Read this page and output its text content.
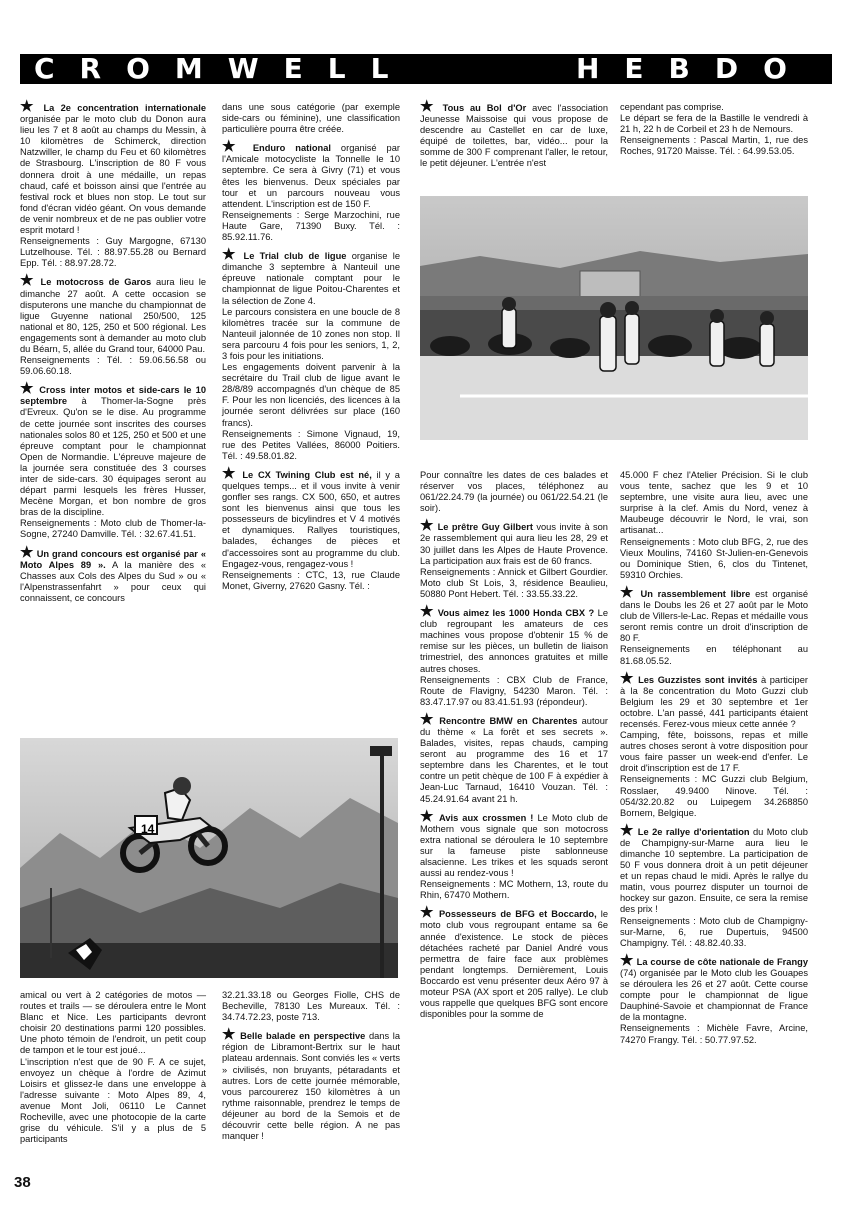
CROMWELL	HEBDO

★ La 2e concentration internationale organisée par le moto club du Donon aura lieu les 7 et 8 août au champs du Messin, à 10 kilomètres de Schimerck, direction Natzwiller, le champ du Feu et 60 kilomètres de Strasbourg. L'inscription de 80 F vous donnera droit à une médaille, un repas chaud, café et boisson ainsi que l'entrée au festival rock et blues non stop. Le tout sur fond d'écran vidéo géant. On vous demande de venir nombreux et de ne pas oublier votre esprit motard !
Renseignements : Guy Margogne, 67130 Lutzelhouse. Tél. : 88.97.55.28 ou Bernard Epp. Tél. : 88.97.28.72.

★ Le motocross de Garos aura lieu le dimanche 27 août. A cette occasion se disputerons une manche du championnat de ligue Guyenne national 250/500, 125 national et 80, 125, 250 et 500 régional. Les engagements sont à demander au moto club du Béarn, 5, allée du Grand tour, 64000 Pau.
Renseignements : Tél. : 59.06.56.58 ou 59.06.60.18.

★ Cross inter motos et side-cars le 10 septembre à Thomer-la-Sogne près d'Evreux. Qu'on se le dise. Au programme de cette journée sont inscrites des courses nationales solos 80 et 125, 250 et 500 et une épreuve comptant pour le championnat Open de Normandie. L'épreuve majeure de la journée sera constituée des 3 courses inter de side-cars. 30 équipages seront au départ parmi lesquels les frères Husser, Mecène Morgan, et bon nombre de gros bras de la discipline.
Renseignements : Moto club de Thomer-la-Sogne, 27240 Damville. Tél. : 32.67.41.51.

★ Un grand concours est organisé par « Moto Alpes 89 ». A la manière des « Chasses aux Cols des Alpes du Sud » ou « l'Alpenstrassenfahrt » pour ceux qui connaissent, ce concours

dans une sous catégorie (par exemple side-cars ou féminine), une classification particulière pourra être créée.

★ Enduro national organisé par l'Amicale motocycliste la Tonnelle le 10 septembre. Ce sera à Givry (71) et vous êtes les bienvenus. Deux spéciales par tour et un parcours nouveau vous attendent. L'inscription est de 150 F.
Renseignements : Serge Marzochini, rue Haute Gare, 71390 Buxy. Tél. : 85.92.11.76.

★ Le Trial club de ligue organise le dimanche 3 septembre à Nanteuil une épreuve nationale comptant pour le championnat de ligue Poitou-Charentes et la sélection de Zone 4.
Le parcours consistera en une boucle de 8 kilomètres tracée sur la commune de Nanteuil jalonnée de 10 zones non stop. Il sera parcouru 4 fois pour les seniors, 1, 2, 3 fois pour les initiations.
Les engagements doivent parvenir à la secrétaire du Trail club de ligue avant le 28/8/89 accompagnés d'un chèque de 85 F. Pour les non licenciés, des licences à la journée seront délivrées sur place (160 francs).
Renseignements : Simone Vignaud, 19, rue des Petites Vallées, 86000 Poitiers. Tél. : 49.58.01.82.

★ Le CX Twining Club est né, il y a quelques temps... et il vous invite à venir gonfler ses rangs. CX 500, 650, et autres sont les bienvenus ainsi que tous les possesseurs de bicylindres et V 4 motivés et dynamiques. Rallyes touristiques, balades, échanges de pièces et d'accessoires sont au programme du club. Engagez-vous, rengagez-vous !
Renseignements : CTC, 13, rue Claude Monet, Giverny, 27620 Gasny. Tél. :

14

amical ou vert à 2 catégories de motos — routes et trails — se déroulera entre le Mont Blanc et Nice. Les participants devront choisir 20 destinations parmi 120 possibles. Une photo témoin de l'endroit, un petit coup de tampon et le tour est joué...
L'inscription n'est que de 90 F. A ce sujet, envoyez un chèque à l'ordre de Azimut Loisirs et glissez-le dans une enveloppe à l'adresse suivante : Moto Alpes 89, 4, avenue Mont Joli, 06110 Le Cannet Rocheville, avec une photocopie de la carte grise du véhicule. S'il y a plus de 5 participants

32.21.33.18 ou Georges Fiolle, CHS de Becheville, 78130 Les Mureaux. Tél. : 34.74.72.23, poste 713.

★ Belle balade en perspective dans la région de Libramont-Bertrix sur le haut plateau ardennais. Sont conviés les « verts » civilisés, non bruyants, pétaradants et autres. Lors de cette journée mémorable, vous parcourerez 150 kilomètres à un rythme raisonnable, prendrez le temps de déjeuner au bord de la Semois et de découvrir cette belle région. A ne pas manquer !

★ Tous au Bol d'Or avec l'association Jeunesse Maissoise qui vous propose de descendre au Castellet en car de luxe, équipé de toilettes, bar, vidéo... pour la somme de 300 F comprenant l'aller, le retour, le petit déjeuner. L'entrée n'est

cependant pas comprise.
Le départ se fera de la Bastille le vendredi à 21 h, 22 h de Corbeil et 23 h de Nemours.
Renseignements : Pascal Martin, 1, rue des Roches, 91720 Maisse. Tél. : 64.99.53.05.

Pour connaître les dates de ces balades et réserver vos places, téléphonez au 061/22.24.79 (la journée) ou 061/22.54.21 (le soir).

★ Le prêtre Guy Gilbert vous invite à son 2e rassemblement qui aura lieu les 28, 29 et 30 juillet dans les Alpes de Haute Provence. La participation aux frais est de 60 francs.
Renseignements : Annick et Gilbert Gourdier. Moto club St Lois, 3, résidence Beaulieu, 50880 Pont Hebert. Tél. : 33.55.33.22.

★ Vous aimez les 1000 Honda CBX ? Le club regroupant les amateurs de ces machines vous propose d'obtenir 15 % de remise sur les pièces, un bulletin de liaison trimestriel, des annonces gratuites et mille autres choses.
Renseignements : CBX Club de France, Route de Flavigny, 54230 Maron. Tél. : 83.47.17.97 ou 83.41.51.93 (répondeur).

★ Rencontre BMW en Charentes autour du thème « La forêt et ses secrets ». Balades, visites, repas chauds, camping seront au programme des 16 et 17 septembre dans les Charentes, et le tout contre un petit chèque de 100 F à expédier à Jean-Luc Tarnaud, 16410 Vouzan. Tél. : 45.24.91.64 avant 21 h.

★ Avis aux crossmen ! Le Moto club de Mothern vous signale que son motocross extra national se déroulera le 10 septembre sur la fameuse piste sablonneuse alsacienne. Les trikes et les squads seront aussi au rendez-vous !
Renseignements : MC Mothern, 13, route du Rhin, 67470 Mothern.

★ Possesseurs de BFG et Boccardo, le moto club vous regroupant entame sa 6e année d'existence. Le stock de pièces détachées racheté par Daniel André vous permettra de faire face aux problèmes pendant longtemps. Dernièrement, Louis Boccardo est venu présenter deux Aéro 97 à moteur PSA (AX sport et 205 rallye). Le club vous rappelle que quelques BFG sont encore disponibles pour la somme de

45.000 F chez l'Atelier Précision. Si le club vous tente, sachez que les 9 et 10 septembre, une visite aura lieu, avec une surprise à la clef. Amis du Nord, venez à Maubeuge découvrir le Nord, le vrai, son artisanat...
Renseignements : Moto club BFG, 2, rue des Vieux Moulins, 74160 St-Julien-en-Genevois ou Dominique Stien, 6, clos du Tintenet, 59310 Orchies.

★ Un rassemblement libre est organisé dans le Doubs les 26 et 27 août par le Moto club de Villers-le-Lac. Repas et médaille vous seront remis contre un droit d'inscription de 80 F.
Renseignements en téléphonant au 81.68.05.52.

★ Les Guzzistes sont invités à participer à la 8e concentration du Moto Guzzi club Belgium les 29 et 30 septembre et 1er octobre. L'an passé, 441 participants étaient recensés. Ferez-vous mieux cette année ?
Camping, fête, boissons, repas et mille autres choses seront à votre disposition pour vous faire passer un week-end d'enfer. Le droit d'inscription est de 17 F.
Renseignements : MC Guzzi club Belgium, Rosslaer, 49.9400 Ninove. Tél. : 054/32.20.82 ou Luipegem 34.268850 Bornem, Belgique.

★ Le 2e rallye d'orientation du Moto club de Champigny-sur-Marne aura lieu le dimanche 10 septembre. La participation de 50 F vous donnera droit à un petit déjeuner et un repas chaud le midi. Après le rallye du matin, vous pourrez disputer un tournoi de hockey sur gazon. Ensuite, ce sera la remise des prix !
Renseignements : Moto club de Champigny-sur-Marne, 6, rue Dupertuis, 94500 Champigny. Tél. : 48.82.40.33.

★ La course de côte nationale de Frangy (74) organisée par le Moto club les Gouapes se déroulera les 26 et 27 août. Cette course compte pour le championnat de ligue Dauphiné-Savoie et championnat de France de la montagne.
Renseignements : Michèle Favre, Arcine, 74270 Frangy. Tél. : 50.77.97.52.

38
